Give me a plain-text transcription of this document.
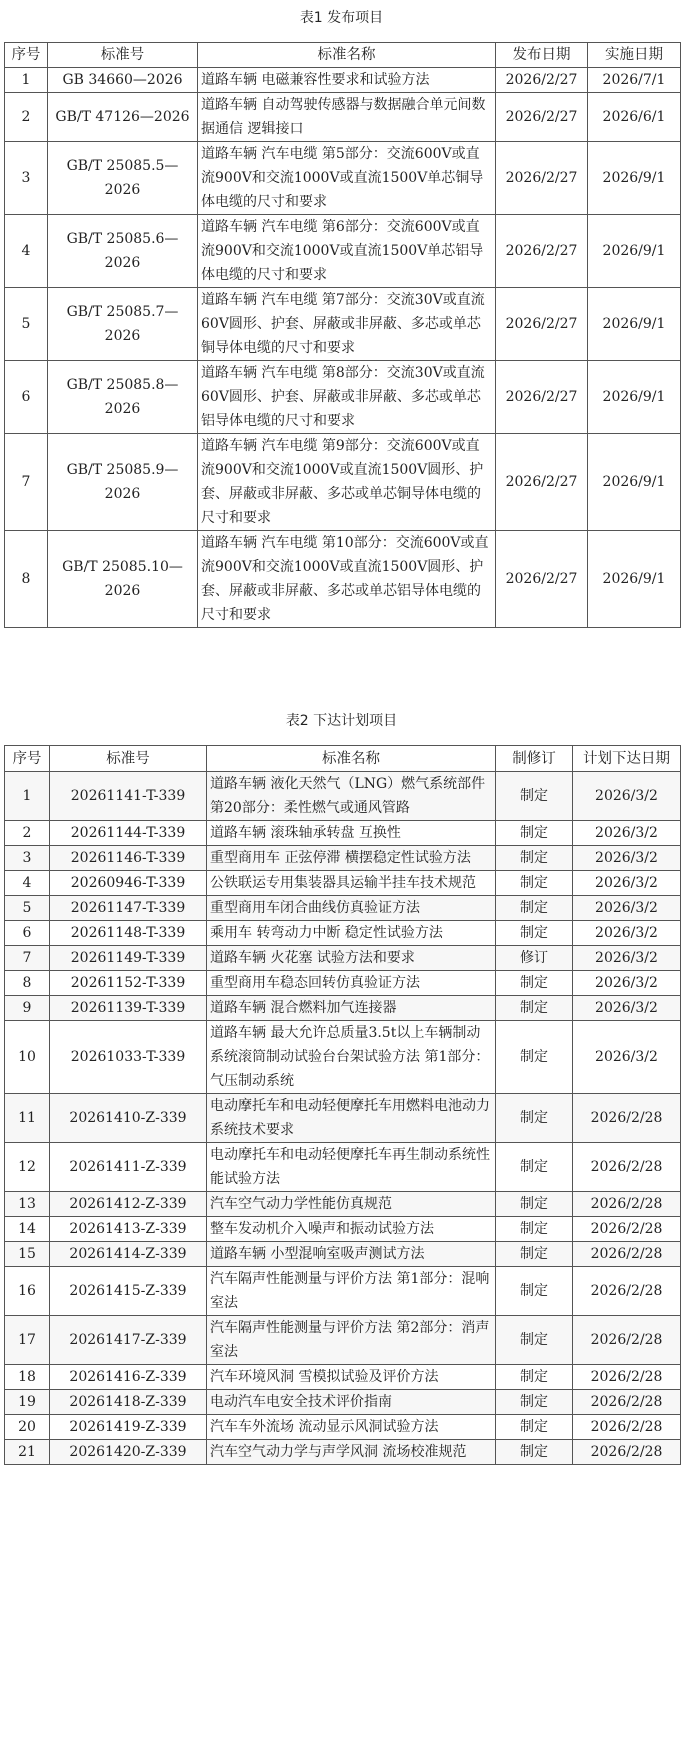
表1 发布项目
序号	标准号	标准名称	发布日期	实施日期
1	GB 34660—2026	道路车辆 电磁兼容性要求和试验方法	2026/2/27	2026/7/1
2	GB/T 47126—2026	道路车辆 自动驾驶传感器与数据融合单元间数据通信 逻辑接口	2026/2/27	2026/6/1
3	GB/T 25085.5—2026	道路车辆 汽车电缆 第5部分：交流600V或直流900V和交流1000V或直流1500V单芯铜导体电缆的尺寸和要求	2026/2/27	2026/9/1
4	GB/T 25085.6—2026	道路车辆 汽车电缆 第6部分：交流600V或直流900V和交流1000V或直流1500V单芯铝导体电缆的尺寸和要求	2026/2/27	2026/9/1
5	GB/T 25085.7—2026	道路车辆 汽车电缆 第7部分：交流30V或直流60V圆形、护套、屏蔽或非屏蔽、多芯或单芯铜导体电缆的尺寸和要求	2026/2/27	2026/9/1
6	GB/T 25085.8—2026	道路车辆 汽车电缆 第8部分：交流30V或直流60V圆形、护套、屏蔽或非屏蔽、多芯或单芯铝导体电缆的尺寸和要求	2026/2/27	2026/9/1
7	GB/T 25085.9—2026	道路车辆 汽车电缆 第9部分：交流600V或直流900V和交流1000V或直流1500V圆形、护套、屏蔽或非屏蔽、多芯或单芯铜导体电缆的尺寸和要求	2026/2/27	2026/9/1
8	GB/T 25085.10—2026	道路车辆 汽车电缆 第10部分：交流600V或直流900V和交流1000V或直流1500V圆形、护套、屏蔽或非屏蔽、多芯或单芯铝导体电缆的尺寸和要求	2026/2/27	2026/9/1
表2 下达计划项目
序号	标准号	标准名称	制修订	计划下达日期
1	20261141-T-339	道路车辆 液化天然气（LNG）燃气系统部件 第20部分：柔性燃气或通风管路	制定	2026/3/2
2	20261144-T-339	道路车辆 滚珠轴承转盘 互换性	制定	2026/3/2
3	20261146-T-339	重型商用车 正弦停滞 横摆稳定性试验方法	制定	2026/3/2
4	20260946-T-339	公铁联运专用集装器具运输半挂车技术规范	制定	2026/3/2
5	20261147-T-339	重型商用车闭合曲线仿真验证方法	制定	2026/3/2
6	20261148-T-339	乘用车 转弯动力中断 稳定性试验方法	制定	2026/3/2
7	20261149-T-339	道路车辆 火花塞 试验方法和要求	修订	2026/3/2
8	20261152-T-339	重型商用车稳态回转仿真验证方法	制定	2026/3/2
9	20261139-T-339	道路车辆 混合燃料加气连接器	制定	2026/3/2
10	20261033-T-339	道路车辆 最大允许总质量3.5t以上车辆制动系统滚筒制动试验台台架试验方法 第1部分：气压制动系统	制定	2026/3/2
11	20261410-Z-339	电动摩托车和电动轻便摩托车用燃料电池动力系统技术要求	制定	2026/2/28
12	20261411-Z-339	电动摩托车和电动轻便摩托车再生制动系统性能试验方法	制定	2026/2/28
13	20261412-Z-339	汽车空气动力学性能仿真规范	制定	2026/2/28
14	20261413-Z-339	整车发动机介入噪声和振动试验方法	制定	2026/2/28
15	20261414-Z-339	道路车辆 小型混响室吸声测试方法	制定	2026/2/28
16	20261415-Z-339	汽车隔声性能测量与评价方法 第1部分：混响室法	制定	2026/2/28
17	20261417-Z-339	汽车隔声性能测量与评价方法 第2部分：消声室法	制定	2026/2/28
18	20261416-Z-339	汽车环境风洞 雪模拟试验及评价方法	制定	2026/2/28
19	20261418-Z-339	电动汽车电安全技术评价指南	制定	2026/2/28
20	20261419-Z-339	汽车车外流场 流动显示风洞试验方法	制定	2026/2/28
21	20261420-Z-339	汽车空气动力学与声学风洞 流场校准规范	制定	2026/2/28
